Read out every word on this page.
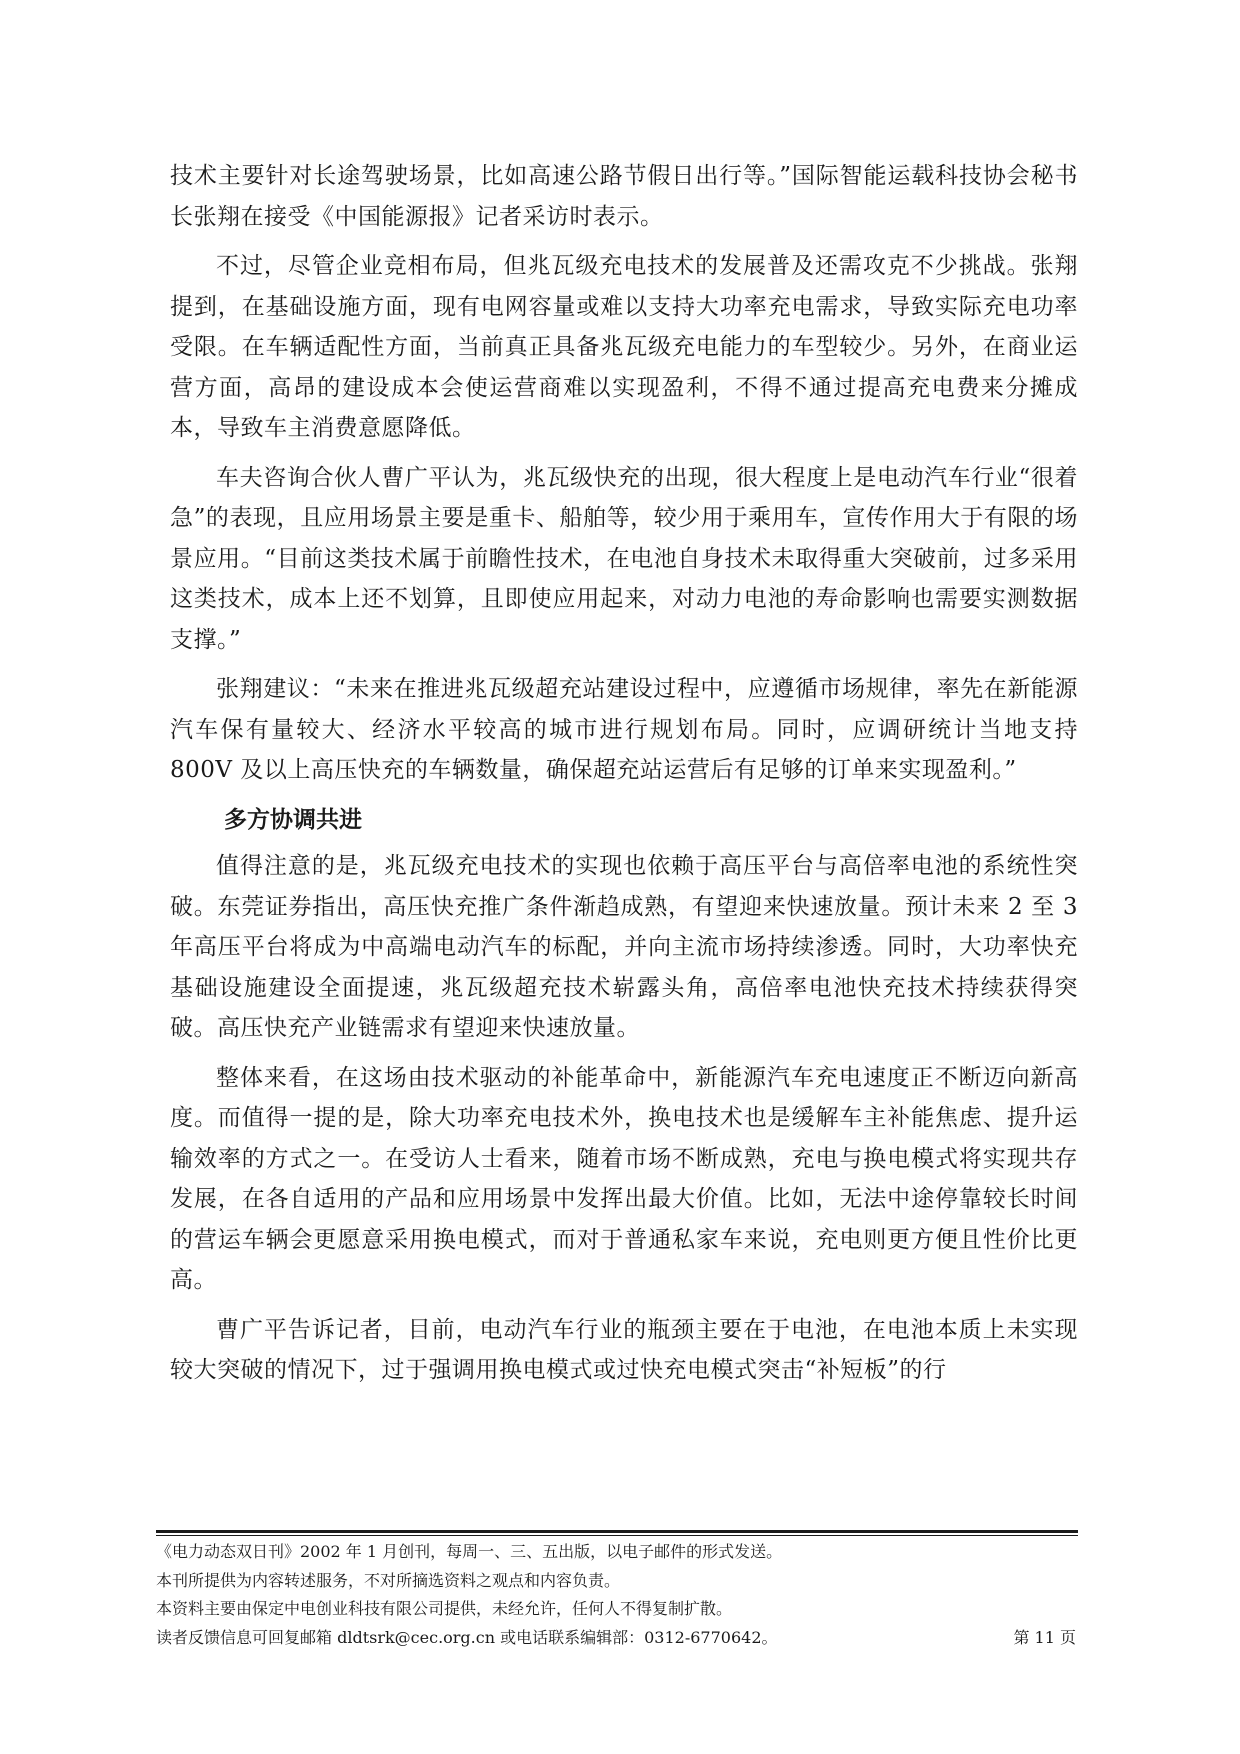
技术主要针对长途驾驶场景，比如高速公路节假日出行等。”国际智能运载科技协会秘书长张翔在接受《中国能源报》记者采访时表示。

不过，尽管企业竞相布局，但兆瓦级充电技术的发展普及还需攻克不少挑战。张翔提到，在基础设施方面，现有电网容量或难以支持大功率充电需求，导致实际充电功率受限。在车辆适配性方面，当前真正具备兆瓦级充电能力的车型较少。另外，在商业运营方面，高昂的建设成本会使运营商难以实现盈利，不得不通过提高充电费来分摊成本，导致车主消费意愿降低。

车夫咨询合伙人曹广平认为，兆瓦级快充的出现，很大程度上是电动汽车行业“很着急”的表现，且应用场景主要是重卡、船舶等，较少用于乘用车，宣传作用大于有限的场景应用。“目前这类技术属于前瞻性技术，在电池自身技术未取得重大突破前，过多采用这类技术，成本上还不划算，且即使应用起来，对动力电池的寿命影响也需要实测数据支撑。”

张翔建议：“未来在推进兆瓦级超充站建设过程中，应遵循市场规律，率先在新能源汽车保有量较大、经济水平较高的城市进行规划布局。同时，应调研统计当地支持 800V 及以上高压快充的车辆数量，确保超充站运营后有足够的订单来实现盈利。”

多方协调共进

值得注意的是，兆瓦级充电技术的实现也依赖于高压平台与高倍率电池的系统性突破。东莞证券指出，高压快充推广条件渐趋成熟，有望迎来快速放量。预计未来 2 至 3 年高压平台将成为中高端电动汽车的标配，并向主流市场持续渗透。同时，大功率快充基础设施建设全面提速，兆瓦级超充技术崭露头角，高倍率电池快充技术持续获得突破。高压快充产业链需求有望迎来快速放量。

整体来看，在这场由技术驱动的补能革命中，新能源汽车充电速度正不断迈向新高度。而值得一提的是，除大功率充电技术外，换电技术也是缓解车主补能焦虑、提升运输效率的方式之一。在受访人士看来，随着市场不断成熟，充电与换电模式将实现共存发展，在各自适用的产品和应用场景中发挥出最大价值。比如，无法中途停靠较长时间的营运车辆会更愿意采用换电模式，而对于普通私家车来说，充电则更方便且性价比更高。

曹广平告诉记者，目前，电动汽车行业的瓶颈主要在于电池，在电池本质上未实现较大突破的情况下，过于强调用换电模式或过快充电模式突击“补短板”的行

《电力动态双日刊》2002 年 1 月创刊，每周一、三、五出版，以电子邮件的形式发送。
本刊所提供为内容转述服务，不对所摘选资料之观点和内容负责。
本资料主要由保定中电创业科技有限公司提供，未经允许，任何人不得复制扩散。
读者反馈信息可回复邮箱 dldtsrk@cec.org.cn 或电话联系编辑部：0312-6770642。	第 11 页
